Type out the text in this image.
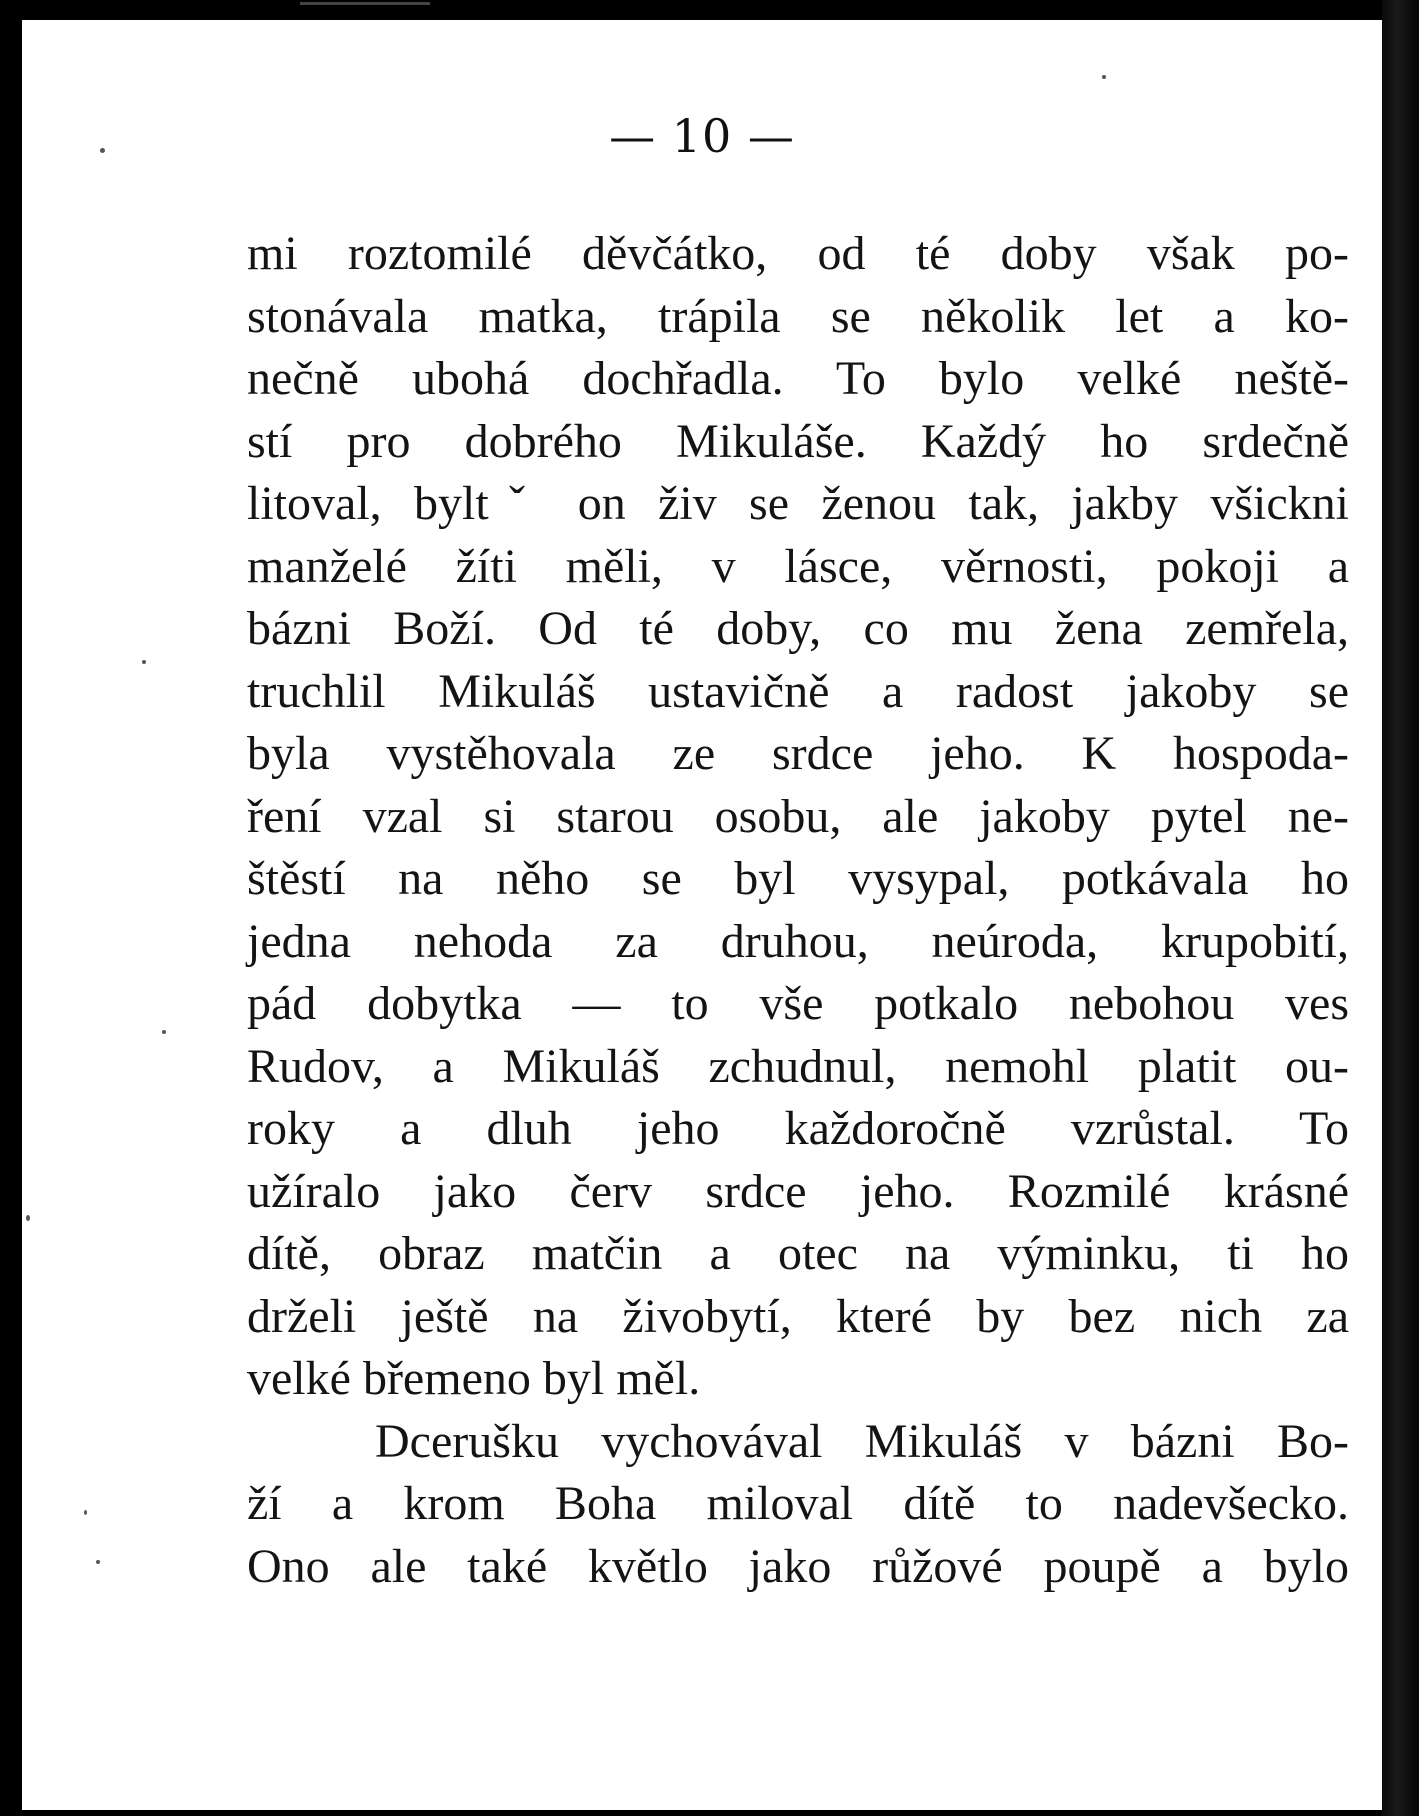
— 10 —
mi roztomilé děvčátko, od té doby však po-
stonávala matka, trápila se několik let a ko-
nečně ubohá dochřadla. To bylo velké neště-
stí pro dobrého Mikuláše. Každý ho srdečně
litoval, byltˇ on živ se ženou tak, jakby všickni
manželé žíti měli, v lásce, věrnosti, pokoji a
bázni Boží. Od té doby, co mu žena zemřela,
truchlil Mikuláš ustavičně a radost jakoby se
byla vystěhovala ze srdce jeho. K hospoda-
ření vzal si starou osobu, ale jakoby pytel ne-
štěstí na něho se byl vysypal, potkávala ho
jedna nehoda za druhou, neúroda, krupobití,
pád dobytka — to vše potkalo nebohou ves
Rudov, a Mikuláš zchudnul, nemohl platit ou-
roky a dluh jeho každoročně vzrůstal. To
užíralo jako červ srdce jeho. Rozmilé krásné
dítě, obraz matčin a otec na výminku, ti ho
drželi ještě na živobytí, které by bez nich za
velké břemeno byl měl.
Dcerušku vychovával Mikuláš v bázni Bo-
ží a krom Boha miloval dítě to nadevšecko.
Ono ale také květlo jako růžové poupě a bylo
